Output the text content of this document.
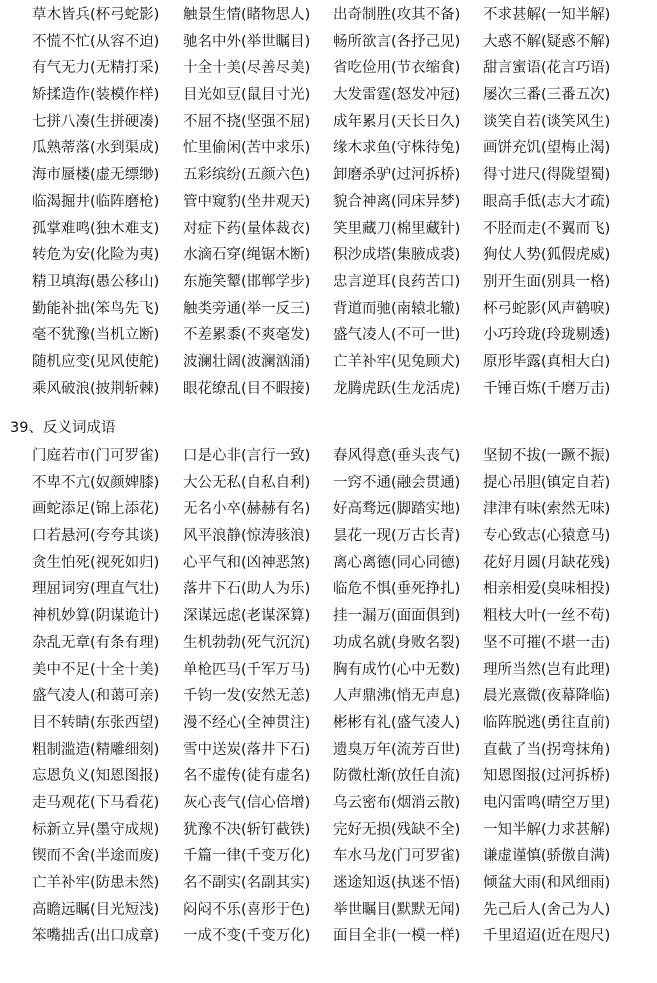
草木皆兵(杯弓蛇影) 触景生情(睹物思人) 出奇制胜(攻其不备) 不求甚解(一知半解)
不慌不忙(从容不迫) 驰名中外(举世瞩目) 畅所欲言(各抒己见) 大惑不解(疑惑不解)
有气无力(无精打采) 十全十美(尽善尽美) 省吃俭用(节衣缩食) 甜言蜜语(花言巧语)
矫揉造作(装模作样) 目光如豆(鼠目寸光) 大发雷霆(怒发冲冠) 屡次三番(三番五次)
七拼八凑(生拼硬凑) 不屈不挠(坚强不屈) 成年累月(天长日久) 谈笑自若(谈笑风生)
瓜熟蒂落(水到渠成) 忙里偷闲(苦中求乐) 缘木求鱼(守株待兔) 画饼充饥(望梅止渴)
海市蜃楼(虚无缥缈) 五彩缤纷(五颜六色) 卸磨杀驴(过河拆桥) 得寸进尺(得陇望蜀)
临渴掘井(临阵磨枪) 管中窥豹(坐井观天) 貌合神离(同床异梦) 眼高手低(志大才疏)
孤掌难鸣(独木难支) 对症下药(量体裁衣) 笑里藏刀(棉里藏针) 不胫而走(不翼而飞)
转危为安(化险为夷) 水滴石穿(绳锯木断) 积沙成塔(集腋成裘) 狗仗人势(狐假虎威)
精卫填海(愚公移山) 东施笑颦(邯郸学步) 忠言逆耳(良药苦口) 别开生面(别具一格)
勤能补拙(笨鸟先飞) 触类旁通(举一反三) 背道而驰(南辕北辙) 杯弓蛇影(风声鹤唳)
毫不犹豫(当机立断) 不差累黍(不爽毫发) 盛气凌人(不可一世) 小巧玲珑(玲珑剔透)
随机应变(见风使舵) 波澜壮阔(波澜汹涌) 亡羊补牢(见兔顾犬) 原形毕露(真相大白)
乘风破浪(披荆斩棘) 眼花缭乱(目不暇接) 龙腾虎跃(生龙活虎) 千锤百炼(千磨万击)
39、反义词成语
门庭若市(门可罗雀) 口是心非(言行一致) 春风得意(垂头丧气) 坚韧不拔(一蹶不振)
不卑不亢(奴颜婢膝) 大公无私(自私自利) 一窍不通(融会贯通) 提心吊胆(镇定自若)
画蛇添足(锦上添花) 无名小卒(赫赫有名) 好高骛远(脚踏实地) 津津有味(索然无味)
口若悬河(夸夸其谈) 风平浪静(惊涛骇浪) 昙花一现(万古长青) 专心致志(心猿意马)
贪生怕死(视死如归) 心平气和(凶神恶煞) 离心离德(同心同德) 花好月圆(月缺花残)
理屈词穷(理直气壮) 落井下石(助人为乐) 临危不惧(垂死挣扎) 相亲相爱(臭味相投)
神机妙算(阴谋诡计) 深谋远虑(老谋深算) 挂一漏万(面面俱到) 粗枝大叶(一丝不苟)
杂乱无章(有条有理) 生机勃勃(死气沉沉) 功成名就(身败名裂) 坚不可摧(不堪一击)
美中不足(十全十美) 单枪匹马(千军万马) 胸有成竹(心中无数) 理所当然(岂有此理)
盛气凌人(和蔼可亲) 千钧一发(安然无恙) 人声鼎沸(悄无声息) 晨光熹微(夜幕降临)
目不转睛(东张西望) 漫不经心(全神贯注) 彬彬有礼(盛气凌人) 临阵脱逃(勇往直前)
粗制滥造(精雕细刻) 雪中送炭(落井下石) 遗臭万年(流芳百世) 直截了当(拐弯抹角)
忘恩负义(知恩图报) 名不虚传(徒有虚名) 防微杜渐(放任自流) 知恩图报(过河拆桥)
走马观花(下马看花) 灰心丧气(信心倍增) 乌云密布(烟消云散) 电闪雷鸣(晴空万里)
标新立异(墨守成规) 犹豫不决(斩钉截铁) 完好无损(残缺不全) 一知半解(力求甚解)
锲而不舍(半途而废) 千篇一律(千变万化) 车水马龙(门可罗雀) 谦虚谨慎(骄傲自满)
亡羊补牢(防患未然) 名不副实(名副其实) 迷途知返(执迷不悟) 倾盆大雨(和风细雨)
高瞻远瞩(目光短浅) 闷闷不乐(喜形于色) 举世瞩目(默默无闻) 先己后人(舍己为人)
笨嘴拙舌(出口成章) 一成不变(千变万化) 面目全非(一模一样) 千里迢迢(近在咫尺)
